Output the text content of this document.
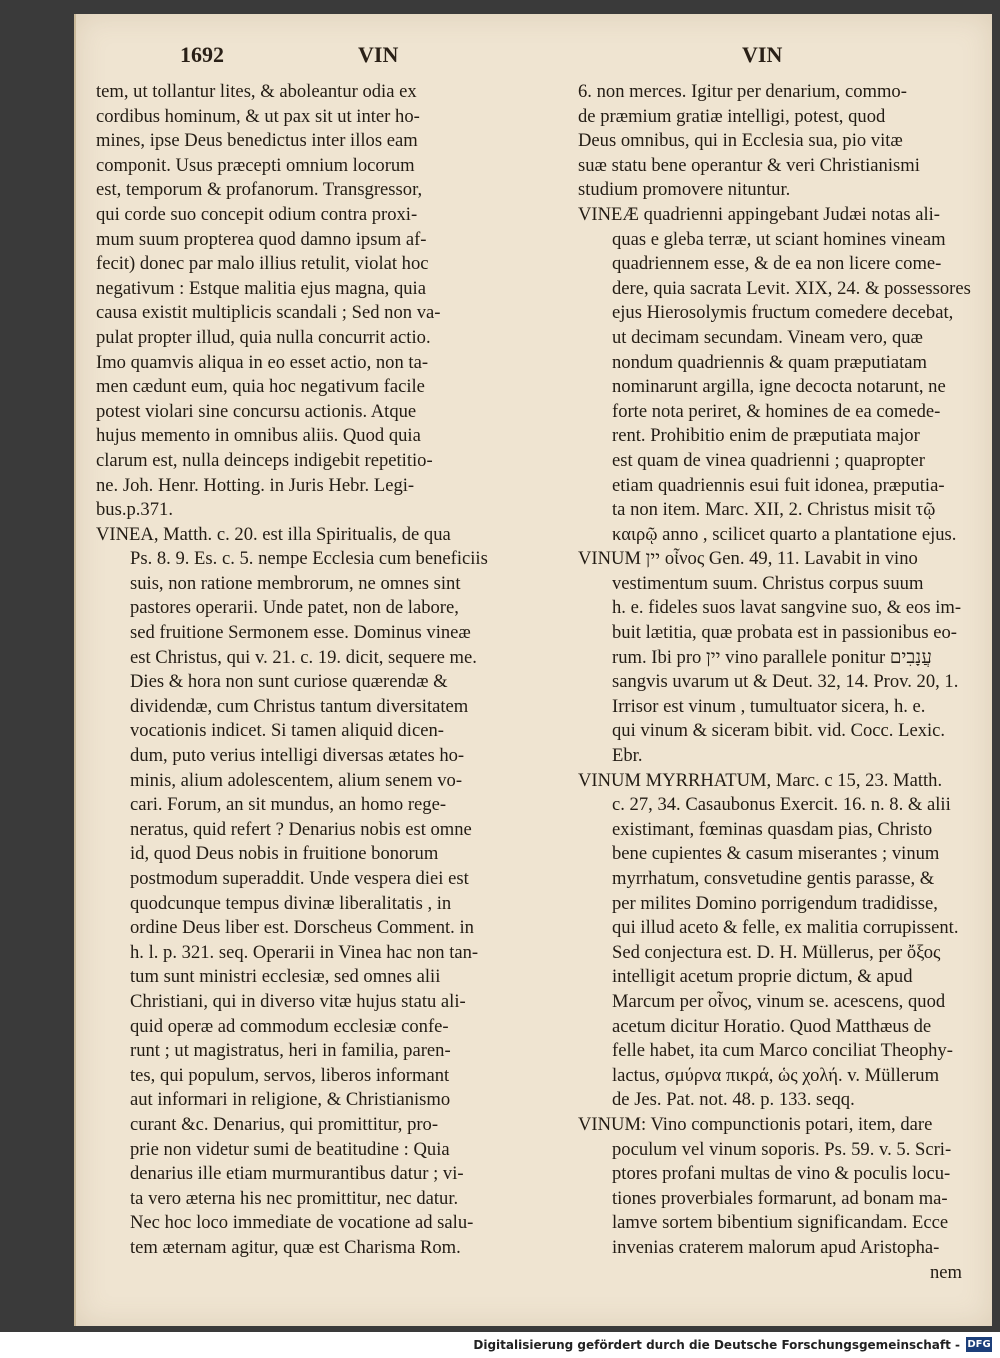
1692	VIN	VIN
tem, ut tollantur lites, & aboleantur odia ex
cordibus hominum, & ut pax sit ut inter ho-
mines, ipse Deus benedictus inter illos eam
componit. Usus præcepti omnium locorum
est, temporum & profanorum. Transgressor,
qui corde suo concepit odium contra proxi-
mum suum propterea quod damno ipsum af-
fecit) donec par malo illius retulit, violat hoc
negativum : Estque malitia ejus magna, quia
causa existit multiplicis scandali ; Sed non va-
pulat propter illud, quia nulla concurrit actio.
Imo quamvis aliqua in eo esset actio, non ta-
men cædunt eum, quia hoc negativum facile
potest violari sine concursu actionis. Atque
hujus memento in omnibus aliis. Quod quia
clarum est, nulla deinceps indigebit repetitio-
ne. Joh. Henr. Hotting. in Juris Hebr. Legi-
bus.p.371.
VINEA, Matth. c. 20. est illa Spiritualis, de qua
Ps. 8. 9. Es. c. 5. nempe Ecclesia cum beneficiis
suis, non ratione membrorum, ne omnes sint
pastores operarii. Unde patet, non de labore,
sed fruitione Sermonem esse. Dominus vineæ
est Christus, qui v. 21. c. 19. dicit, sequere me.
Dies & hora non sunt curiose quærendæ &
dividendæ, cum Christus tantum diversitatem
vocationis indicet. Si tamen aliquid dicen-
dum, puto verius intelligi diversas ætates ho-
minis, alium adolescentem, alium senem vo-
cari. Forum, an sit mundus, an homo rege-
neratus, quid refert ? Denarius nobis est omne
id, quod Deus nobis in fruitione bonorum
postmodum superaddit. Unde vespera diei est
quodcunque tempus divinæ liberalitatis , in
ordine Deus liber est. Dorscheus Comment. in
h. l. p. 321. seq. Operarii in Vinea hac non tan-
tum sunt ministri ecclesiæ, sed omnes alii
Christiani, qui in diverso vitæ hujus statu ali-
quid operæ ad commodum ecclesiæ confe-
runt ; ut magistratus, heri in familia, paren-
tes, qui populum, servos, liberos informant
aut informari in religione, & Christianismo
curant &c. Denarius, qui promittitur, pro-
prie non videtur sumi de beatitudine : Quia
denarius ille etiam murmurantibus datur ; vi-
ta vero æterna his nec promittitur, nec datur.
Nec hoc loco immediate de vocatione ad salu-
tem æternam agitur, quæ est Charisma Rom.
6. non merces. Igitur per denarium, commo-
de præmium gratiæ intelligi, potest, quod
Deus omnibus, qui in Ecclesia sua, pio vitæ
suæ statu bene operantur & veri Christianismi
studium promovere nituntur.
VINEÆ quadrienni appingebant Judæi notas ali-
quas e gleba terræ, ut sciant homines vineam
quadriennem esse, & de ea non licere come-
dere, quia sacrata Levit. XIX, 24. & possessores
ejus Hierosolymis fructum comedere decebat,
ut decimam secundam. Vineam vero, quæ
nondum quadriennis & quam præputiatam
nominarunt argilla, igne decocta notarunt, ne
forte nota periret, & homines de ea comede-
rent. Prohibitio enim de præputiata major
est quam de vinea quadrienni ; quapropter
etiam quadriennis esui fuit idonea, præputia-
ta non item. Marc. XII, 2. Christus misit τῷ
καιρῷ anno , scilicet quarto a plantatione ejus.
VINUM יין οἶνος Gen. 49, 11. Lavabit in vino
vestimentum suum. Christus corpus suum
h. e. fideles suos lavat sangvine suo, & eos im-
buit lætitia, quæ probata est in passionibus eo-
rum. Ibi pro יין vino parallele ponitur עֲנָבִים
sangvis uvarum ut & Deut. 32, 14. Prov. 20, 1.
Irrisor est vinum , tumultuator sicera, h. e.
qui vinum & siceram bibit. vid. Cocc. Lexic.
Ebr.
VINUM MYRRHATUM, Marc. c 15, 23. Matth.
c. 27, 34. Casaubonus Exercit. 16. n. 8. & alii
existimant, fœminas quasdam pias, Christo
bene cupientes & casum miserantes ; vinum
myrrhatum, consvetudine gentis parasse, &
per milites Domino porrigendum tradidisse,
qui illud aceto & felle, ex malitia corrupissent.
Sed conjectura est. D. H. Müllerus, per ὄξος
intelligit acetum proprie dictum, & apud
Marcum per οἶνος, vinum se. acescens, quod
acetum dicitur Horatio. Quod Matthæus de
felle habet, ita cum Marco conciliat Theophy-
lactus, σμύρνα πικρά, ὡς χολή. v. Müllerum
de Jes. Pat. not. 48. p. 133. seqq.
VINUM: Vino compunctionis potari, item, dare
poculum vel vinum soporis. Ps. 59. v. 5. Scri-
ptores profani multas de vino & poculis locu-
tiones proverbiales formarunt, ad bonam ma-
lamve sortem bibentium significandam. Ecce
invenias craterem malorum apud Aristopha-
nem
Digitalisierung gefördert durch die Deutsche Forschungsgemeinschaft - DFG
